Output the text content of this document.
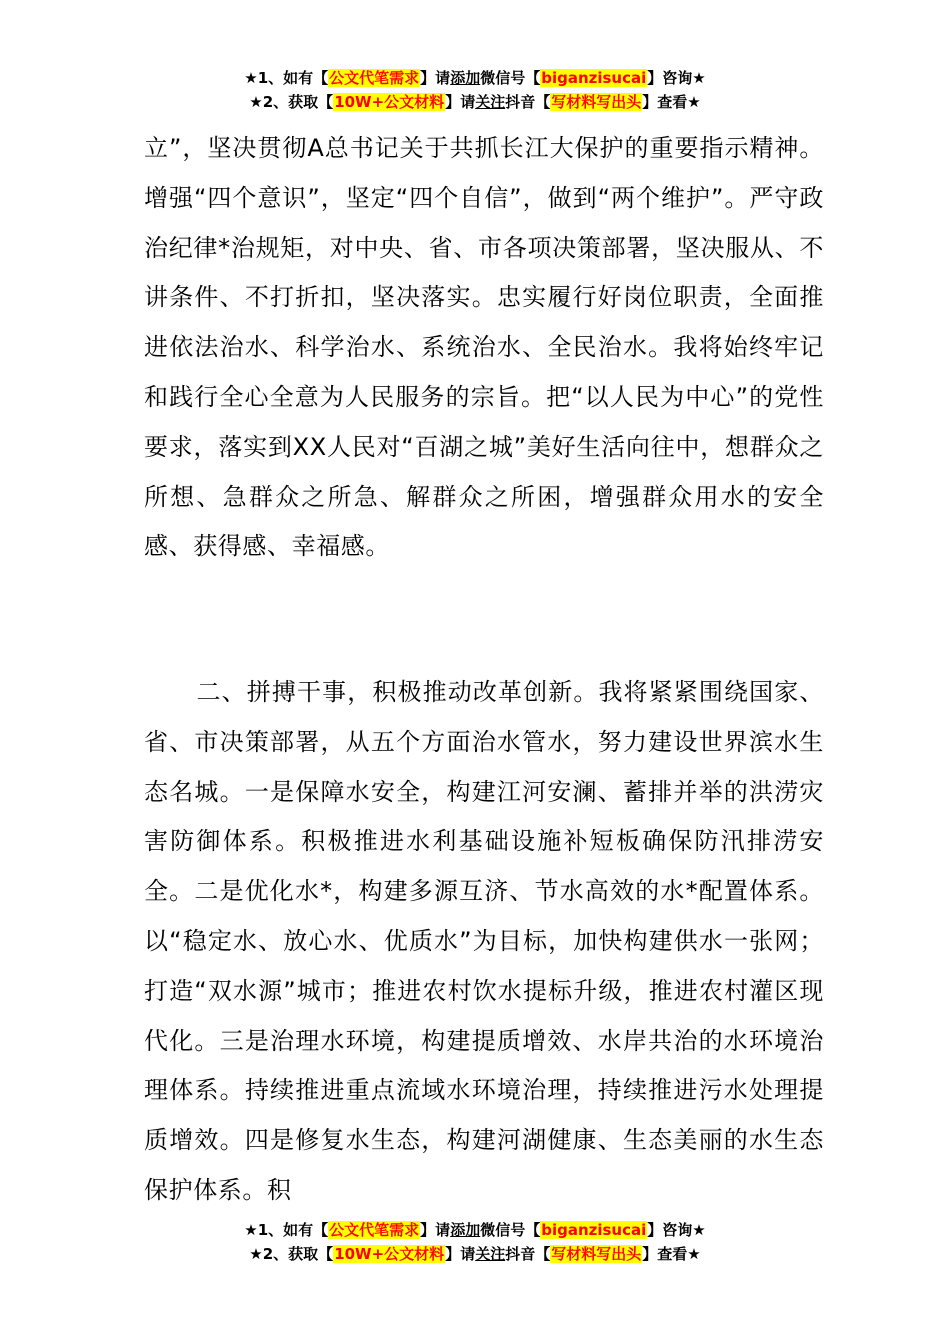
★1、如有【公文代笔需求】请添加微信号【biganzisucai】咨询★
★2、获取【10W+公文材料】请关注抖音【写材料写出头】查看★
立”，坚决贯彻A总书记关于共抓长江大保护的重要指示精神。增强“四个意识”，坚定“四个自信”，做到“两个维护”。严守政治纪律*治规矩，对中央、省、市各项决策部署，坚决服从、不讲条件、不打折扣，坚决落实。忠实履行好岗位职责，全面推进依法治水、科学治水、系统治水、全民治水。我将始终牢记和践行全心全意为人民服务的宗旨。把“以人民为中心”的党性要求，落实到XX人民对“百湖之城”美好生活向往中，想群众之所想、急群众之所急、解群众之所困，增强群众用水的安全感、获得感、幸福感。
二、拼搏干事，积极推动改革创新。我将紧紧围绕国家、省、市决策部署，从五个方面治水管水，努力建设世界滨水生态名城。一是保障水安全，构建江河安澜、蓄排并举的洪涝灾害防御体系。积极推进水利基础设施补短板确保防汛排涝安全。二是优化水*，构建多源互济、节水高效的水*配置体系。以“稳定水、放心水、优质水”为目标，加快构建供水一张网；打造“双水源”城市；推进农村饮水提标升级，推进农村灌区现代化。三是治理水环境，构建提质增效、水岸共治的水环境治理体系。持续推进重点流域水环境治理，持续推进污水处理提质增效。四是修复水生态，构建河湖健康、生态美丽的水生态保护体系。积
★1、如有【公文代笔需求】请添加微信号【biganzisucai】咨询★
★2、获取【10W+公文材料】请关注抖音【写材料写出头】查看★
